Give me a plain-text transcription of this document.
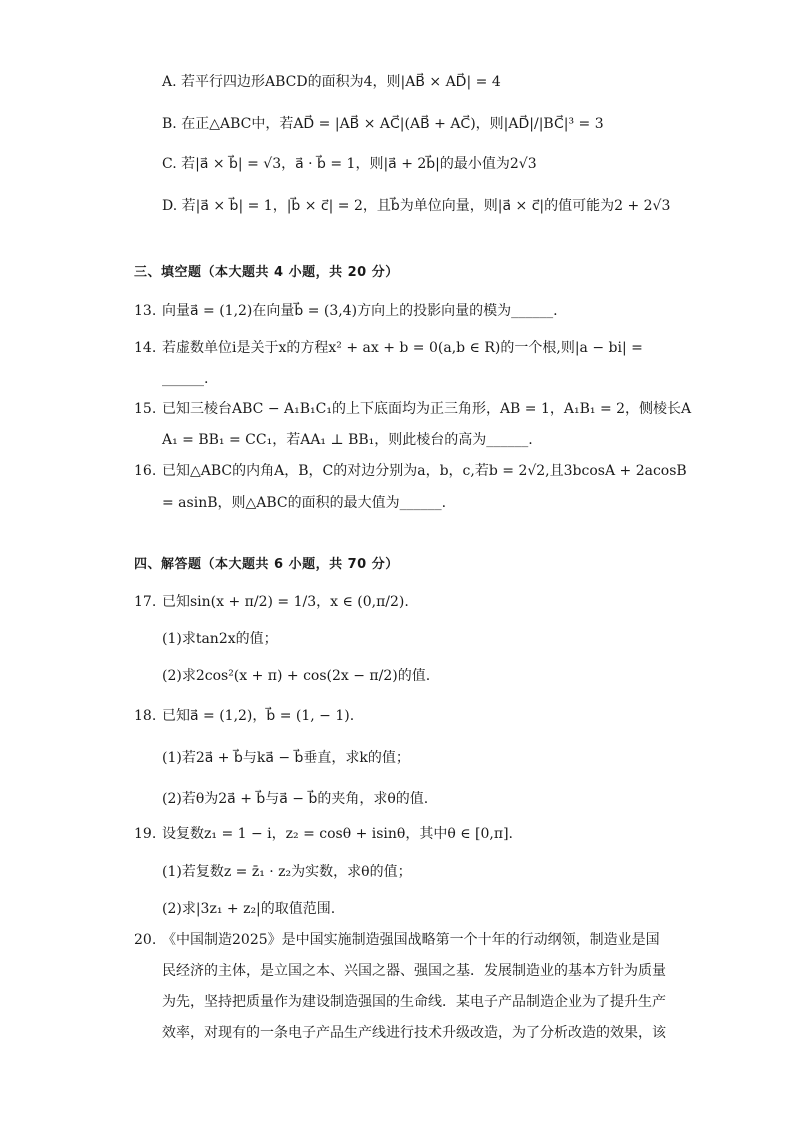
A. 若平行四边形ABCD的面积为4，则|AB⃗ × AD⃗| = 4
B. 在正△ABC中，若AD⃗ = |AB⃗ × AC⃗|(AB⃗ + AC⃗)，则|AD⃗|/|BC⃗|³ = 3
C. 若|a⃗ × b⃗| = √3，a⃗ · b⃗ = 1，则|a⃗ + 2b⃗|的最小值为2√3
D. 若|a⃗ × b⃗| = 1，|b⃗ × c⃗| = 2，且b⃗为单位向量，则|a⃗ × c⃗|的值可能为2 + 2√3
三、填空题（本大题共 4 小题，共 20 分）
13. 向量a⃗ = (1,2)在向量b⃗ = (3,4)方向上的投影向量的模为______.
14. 若虚数单位i是关于x的方程x² + ax + b = 0(a,b ∈ R)的一个根,则|a − bi| =
______.
15. 已知三棱台ABC − A₁B₁C₁的上下底面均为正三角形，AB = 1，A₁B₁ = 2，侧棱长A
A₁ = BB₁ = CC₁，若AA₁ ⊥ BB₁，则此棱台的高为______.
16. 已知△ABC的内角A，B，C的对边分别为a，b，c,若b = 2√2,且3bcosA + 2acosB
= asinB，则△ABC的面积的最大值为______.
四、解答题（本大题共 6 小题，共 70 分）
17. 已知sin(x + π/2) = 1/3，x ∈ (0,π/2).
(1)求tan2x的值；
(2)求2cos²(x + π) + cos(2x − π/2)的值.
18. 已知a⃗ = (1,2)，b⃗ = (1, − 1).
(1)若2a⃗ + b⃗与ka⃗ − b⃗垂直，求k的值；
(2)若θ为2a⃗ + b⃗与a⃗ − b⃗的夹角，求θ的值.
19. 设复数z₁ = 1 − i，z₂ = cosθ + isinθ，其中θ ∈ [0,π].
(1)若复数z = z̄₁ · z₂为实数，求θ的值；
(2)求|3z₁ + z₂|的取值范围.
20. 《中国制造2025》是中国实施制造强国战略第一个十年的行动纲领，制造业是国
民经济的主体，是立国之本、兴国之器、强国之基．发展制造业的基本方针为质量
为先，坚持把质量作为建设制造强国的生命线．某电子产品制造企业为了提升生产
效率，对现有的一条电子产品生产线进行技术升级改造，为了分析改造的效果，该
